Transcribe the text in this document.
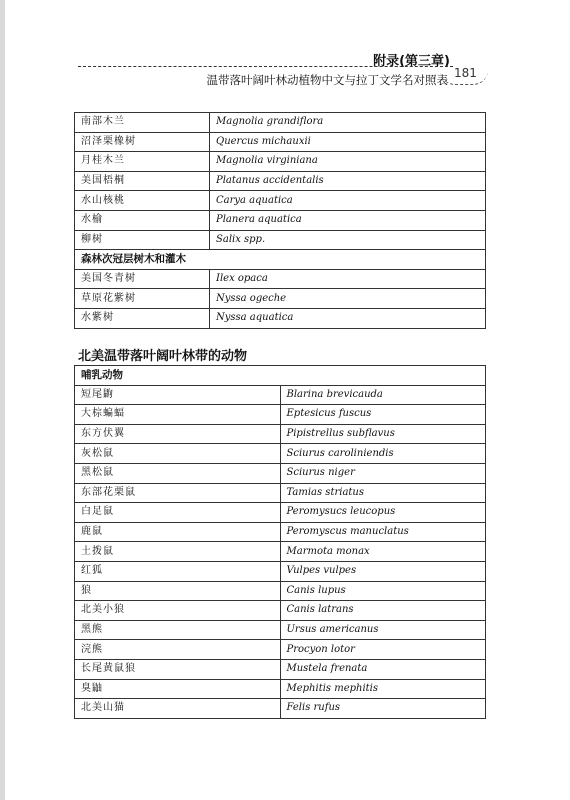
附录(第三章)
温带落叶阔叶林动植物中文与拉丁文学名对照表 181
南部木兰	Magnolia grandiflora
沼泽栗橡树	Quercus michauxii
月桂木兰	Magnolia virginiana
美国梧桐	Platanus accidentalis
水山核桃	Carya aquatica
水榆	Planera aquatica
柳树	Salix spp.
森林次冠层树木和灌木	
美国冬青树	Ilex opaca
草原花紫树	Nyssa ogeche
水紫树	Nyssa aquatica
北美温带落叶阔叶林带的动物
哺乳动物	
短尾鼩	Blarina brevicauda
大棕蝙蝠	Eptesicus fuscus
东方伏翼	Pipistrellus subflavus
灰松鼠	Sciurus caroliniendis
黑松鼠	Sciurus niger
东部花栗鼠	Tamias striatus
白足鼠	Peromysucs leucopus
鹿鼠	Peromyscus manuclatus
土拨鼠	Marmota monax
红狐	Vulpes vulpes
狼	Canis lupus
北美小狼	Canis latrans
黑熊	Ursus americanus
浣熊	Procyon lotor
长尾黄鼠狼	Mustela frenata
臭鼬	Mephitis mephitis
北美山猫	Felis rufus
